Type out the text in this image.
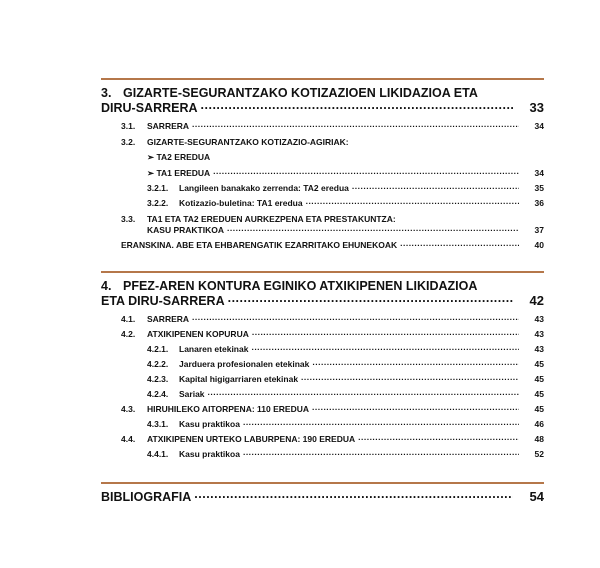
3. GIZARTE-SEGURANTZAKO KOTIZAZIOEN LIKIDAZIOA ETA
DIRU-SARRERA .....	33
3.1. SARRERA .....	34
3.2. GIZARTE-SEGURANTZAKO KOTIZAZIO-AGIRIAK:
➢ TA2 EREDUA
➢ TA1 EREDUA .....	34
3.2.1. Langileen banakako zerrenda: TA2 eredua .....	35
3.2.2. Kotizazio-buletina: TA1 eredua .....	36
3.3. TA1 ETA TA2 EREDUEN AURKEZPENA ETA PRESTAKUNTZA:
KASU PRAKTIKOA .....	37
ERANSKINA. ABE ETA EHBARENGATIK EZARRITAKO EHUNEKOAK .....	40
4. PFEZ-AREN KONTURA EGINIKO ATXIKIPENEN LIKIDAZIOA
ETA DIRU-SARRERA .....	42
4.1. SARRERA .....	43
4.2. ATXIKIPENEN KOPURUA .....	43
4.2.1. Lanaren etekinak .....	43
4.2.2. Jarduera profesionalen etekinak .....	45
4.2.3. Kapital higigarriaren etekinak .....	45
4.2.4. Sariak .....	45
4.3. HIRUHILEKO AITORPENA: 110 EREDUA .....	45
4.3.1. Kasu praktikoa .....	46
4.4. ATXIKIPENEN URTEKO LABURPENA: 190 EREDUA .....	48
4.4.1. Kasu praktikoa .....	52
BIBLIOGRAFIA .....	54
